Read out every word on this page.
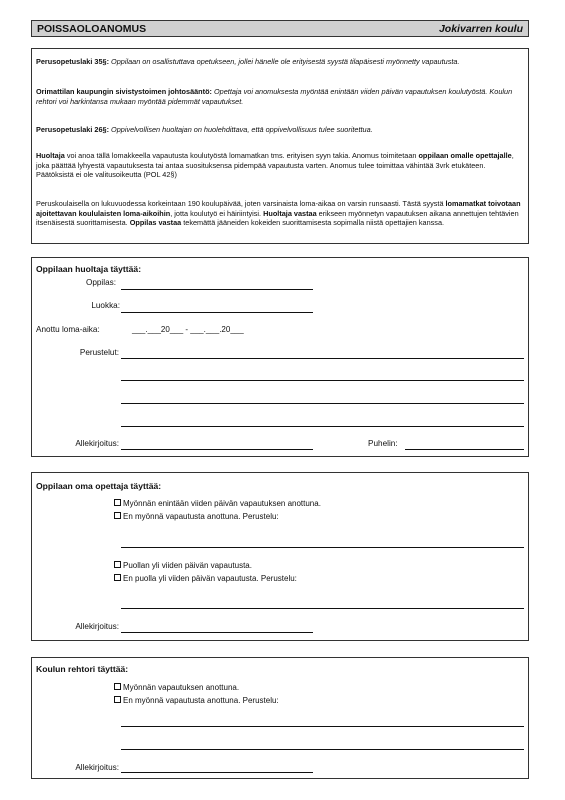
POISSAOLOANOMUS	Jokivarren koulu

Perusopetuslaki 35§: Oppilaan on osallistuttava opetukseen, jollei hänelle ole erityisestä syystä tilapäisesti myönnetty vapautusta.

Orimattilan kaupungin sivistystoimen johtosääntö: Opettaja voi anomuksesta myöntää enintään viiden päivän vapautuksen koulutyöstä. Koulun rehtori voi harkintansa mukaan myöntää pidemmät vapautukset.

Perusopetuslaki 26§: Oppivelvollisen huoltajan on huolehdittava, että oppivelvollisuus tulee suoritettua.

Huoltaja voi anoa tällä lomakkeella vapautusta koulutyöstä lomamatkan tms. erityisen syyn takia. Anomus toimitetaan oppilaan omalle opettajalle, joka päättää lyhyestä vapautuksesta tai antaa suosituksensa pidempää vapautusta varten. Anomus tulee toimittaa vähintää 3vrk etukäteen. Päätöksistä ei ole valitusoikeutta (POL 42§)

Peruskoulaisella on lukuvuodessa korkeintaan 190 koulupäivää, joten varsinaista loma-aikaa on varsin runsaasti. Tästä syystä lomamatkat toivotaan ajoitettavan koululaisten loma-aikoihin, jotta koulutyö ei häiriintyisi. Huoltaja vastaa erikseen myönnetyn vapautuksen aikana annettujen tehtävien itsenäisestä suorittamisesta. Oppilas vastaa tekemättä jääneiden kokeiden suorittamisesta sopimalla niistä opettajien kanssa.

Oppilaan huoltaja täyttää:
Oppilas:
Luokka:
Anottu loma-aika:	___.___20___ - ___.___.20___
Perustelut:
Allekirjoitus:	Puhelin:
Oppilaan oma opettaja täyttää:
Myönnän enintään viiden päivän vapautuksen anottuna.
En myönnä vapautusta anottuna. Perustelu:
Puollan yli viiden päivän vapautusta.
En puolla yli viiden päivän vapautusta. Perustelu:
Allekirjoitus:
Koulun rehtori täyttää:
Myönnän vapautuksen anottuna.
En myönnä vapautusta anottuna. Perustelu:
Allekirjoitus:
